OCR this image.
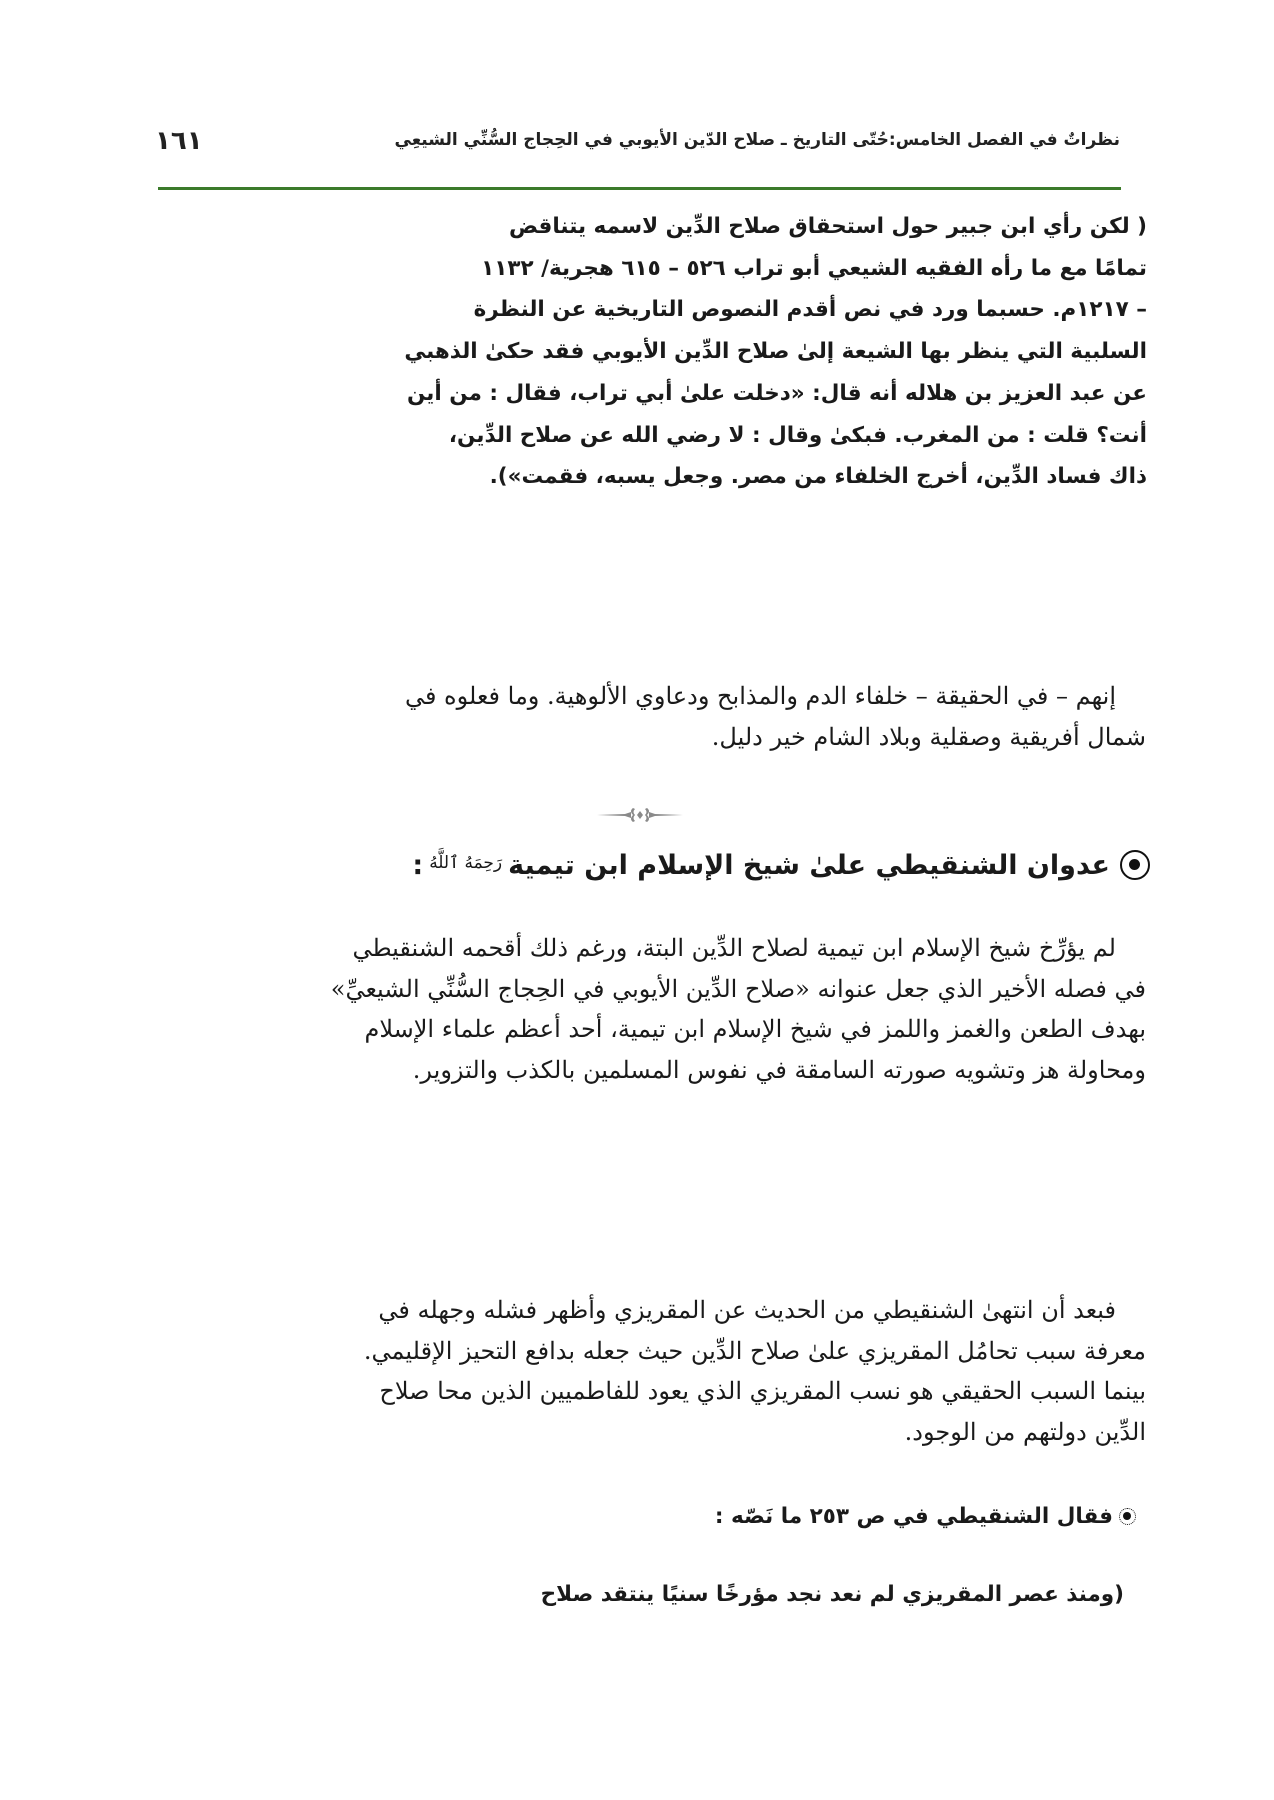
نظراتٌ في الفصل الخامس:حُتّى التاريخ ـ صلاح الدّين الأيوبي في الحِجاج السُّنِّي الشيعِي
١٦١
( لكن رأي ابن جبير حول استحقاق صلاح الدِّين لاسمه يتناقض
تمامًا مع ما رأه الفقيه الشيعي أبو تراب ٥٢٦ – ٦١٥ هجرية/ ١١٣٢
– ١٢١٧م. حسبما ورد في نص أقدم النصوص التاريخية عن النظرة
السلبية التي ينظر بها الشيعة إلىٰ صلاح الدِّين الأيوبي فقد حكىٰ الذهبي
عن عبد العزيز بن هلاله أنه قال: «دخلت علىٰ أبي تراب، فقال : من أين
أنت؟ قلت : من المغرب. فبكىٰ وقال : لا رضي الله عن صلاح الدِّين،
ذاك فساد الدِّين، أخرج الخلفاء من مصر. وجعل يسبه، فقمت»).
إنهم – في الحقيقة – خلفاء الدم والمذابح ودعاوي الألوهية. وما فعلوه في
شمال أفريقية وصقلية وبلاد الشام خير دليل.
عدوان الشنقيطي علىٰ شيخ الإسلام ابن تيمية$^{رَحِمَهُ ٱللَّهُ}$:
لم يؤرِّخ شيخ الإسلام ابن تيمية لصلاح الدِّين البتة، ورغم ذلك أقحمه الشنقيطي
في فصله الأخير الذي جعل عنوانه «صلاح الدِّين الأيوبي في الحِجاج السُّنِّي الشيعيِّ»
بهدف الطعن والغمز واللمز في شيخ الإسلام ابن تيمية، أحد أعظم علماء الإسلام
ومحاولة هز وتشويه صورته السامقة في نفوس المسلمين بالكذب والتزوير.
فبعد أن انتهىٰ الشنقيطي من الحديث عن المقريزي وأظهر فشله وجهله في
معرفة سبب تحامُل المقريزي علىٰ صلاح الدِّين حيث جعله بدافع التحيز الإقليمي.
بينما السبب الحقيقي هو نسب المقريزي الذي يعود للفاطميين الذين محا صلاح
الدِّين دولتهم من الوجود.
فقال الشنقيطي في ص ٢٥٣ ما نَصّه :
(ومنذ عصر المقريزي لم نعد نجد مؤرخًا سنيًا ينتقد صلاح
